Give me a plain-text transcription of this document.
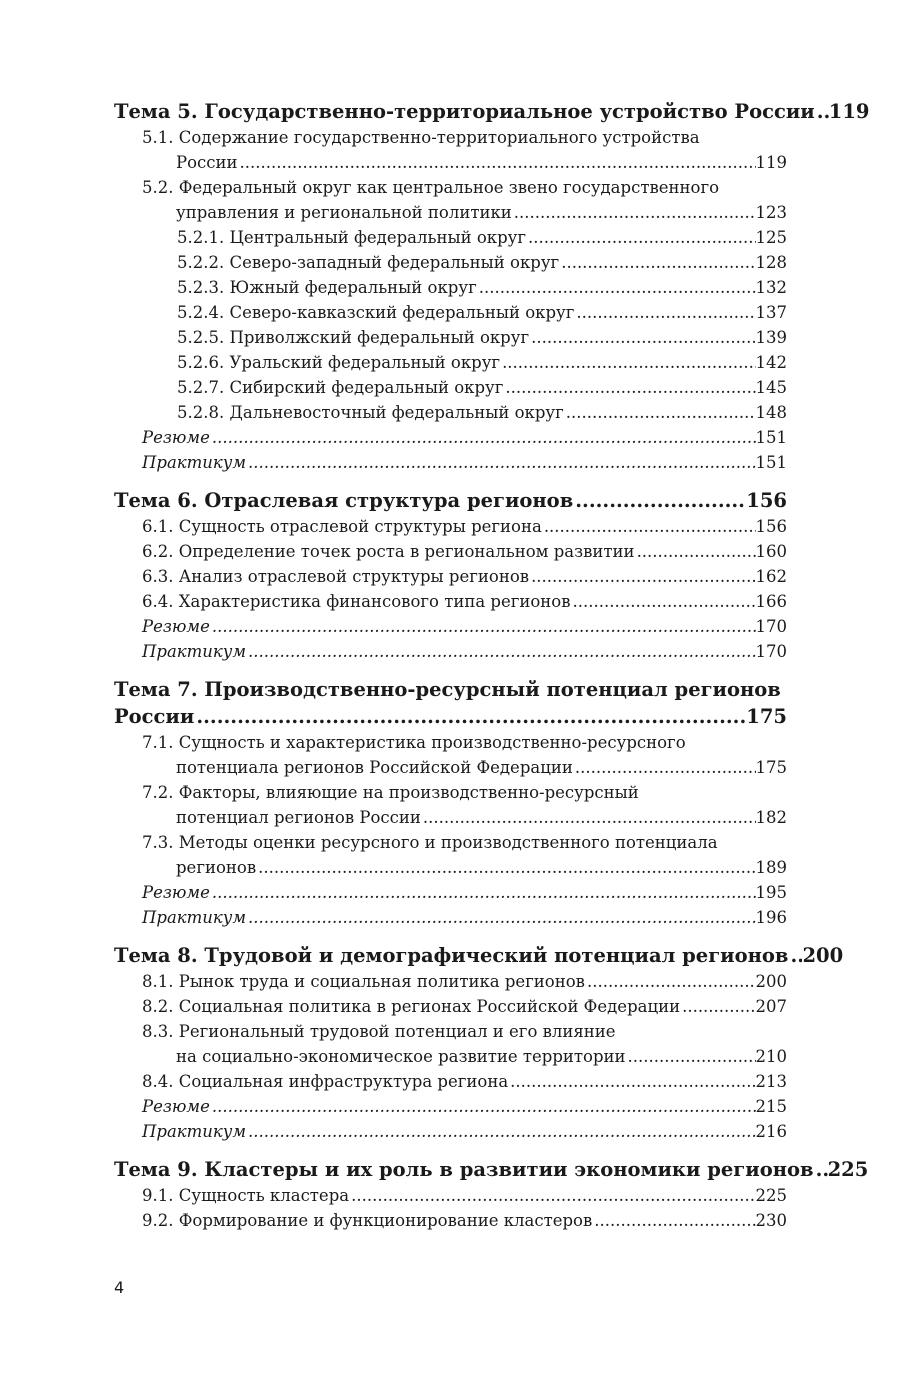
Тема 5. Государственно-территориальное устройство России ..... 119
5.1. Содержание государственно-территориального устройства
России .....	119
5.2. Федеральный округ как центральное звено государственного
управления и региональной политики .....	123
5.2.1. Центральный федеральный округ .....	125
5.2.2. Северо-западный федеральный округ .....	128
5.2.3. Южный федеральный округ .....	132
5.2.4. Северо-кавказский федеральный округ .....	137
5.2.5. Приволжский федеральный округ .....	139
5.2.6. Уральский федеральный округ .....	142
5.2.7. Сибирский федеральный округ .....	145
5.2.8. Дальневосточный федеральный округ .....	148
Резюме .....	151
Практикум .....	151
Тема 6. Отраслевая структура регионов .....	156
6.1. Сущность отраслевой структуры региона .....	156
6.2. Определение точек роста в региональном развитии .....	160
6.3. Анализ отраслевой структуры регионов .....	162
6.4. Характеристика финансового типа регионов .....	166
Резюме .....	170
Практикум .....	170
Тема 7. Производственно-ресурсный потенциал регионов
России .....	175
7.1. Сущность и характеристика производственно-ресурсного
потенциала регионов Российской Федерации .....	175
7.2. Факторы, влияющие на производственно-ресурсный
потенциал регионов России .....	182
7.3. Методы оценки ресурсного и производственного потенциала
регионов .....	189
Резюме .....	195
Практикум .....	196
Тема 8. Трудовой и демографический потенциал регионов ..... 200
8.1. Рынок труда и социальная политика регионов .....	200
8.2. Социальная политика в регионах Российской Федерации .....	207
8.3. Региональный трудовой потенциал и его влияние
на социально-экономическое развитие территории .....	210
8.4. Социальная инфраструктура региона .....	213
Резюме .....	215
Практикум .....	216
Тема 9. Кластеры и их роль в развитии экономики регионов ..... 225
9.1. Сущность кластера .....	225
9.2. Формирование и функционирование кластеров .....	230
4
